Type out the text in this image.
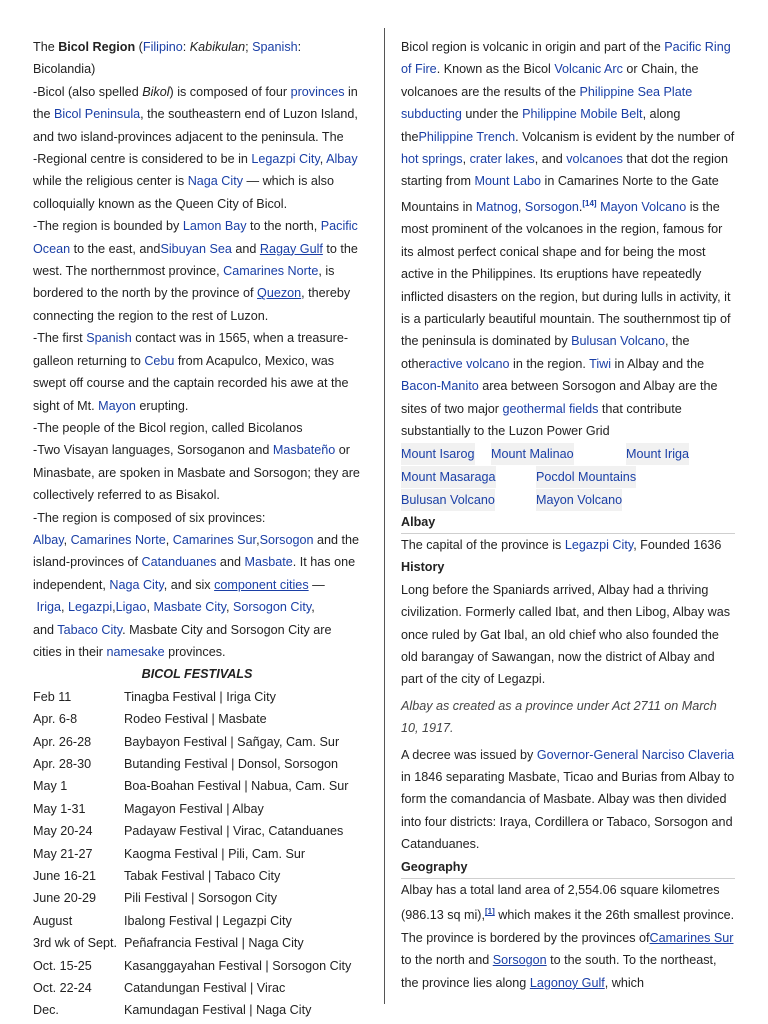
The Bicol Region (Filipino: Kabikulan; Spanish: Bicolandia)
-Bicol (also spelled Bikol) is composed of four provinces in the Bicol Peninsula, the southeastern end of Luzon Island, and two island-provinces adjacent to the peninsula. The

-Regional centre is considered to be in Legazpi City, Albay while the religious center is Naga City — which is also colloquially known as the Queen City of Bicol.

-The region is bounded by Lamon Bay to the north, Pacific Ocean to the east, andSibuyan Sea and Ragay Gulf to the west. The northernmost province, Camarines Norte, is bordered to the north by the province of Quezon, thereby connecting the region to the rest of Luzon.

-The first Spanish contact was in 1565, when a treasure-galleon returning to Cebu from Acapulco, Mexico, was swept off course and the captain recorded his awe at the sight of Mt. Mayon erupting.

-The people of the Bicol region, called Bicolanos

-Two Visayan languages, Sorsoganon and Masbateño or Minasbate, are spoken in Masbate and Sorsogon; they are collectively referred to as Bisakol.

-The region is composed of six provinces:

Albay, Camarines Norte, Camarines Sur,Sorsogon and the island-provinces of Catanduanes and Masbate. It has one independent, Naga City, and six component cities —
Iriga, Legazpi,Ligao, Masbate City, Sorsogon City,
and Tabaco City. Masbate City and Sorsogon City are cities in their namesake provinces.

BICOL FESTIVALS

Feb 11	Tinagba Festival | Iriga City
Apr. 6-8	Rodeo Festival | Masbate
Apr. 26-28	Baybayon Festival | Sañgay, Cam. Sur
Apr. 28-30	Butanding Festival | Donsol, Sorsogon
May 1	Boa-Boahan Festival | Nabua, Cam. Sur
May 1-31	Magayon Festival | Albay
May 20-24	Padayaw Festival | Virac, Catanduanes
May 21-27	Kaogma Festival | Pili, Cam. Sur
June 16-21	Tabak Festival | Tabaco City
June 20-29	Pili Festival | Sorsogon City
August	Ibalong Festival | Legazpi City
3rd wk of Sept. Peñafrancia Festival | Naga City
Oct. 15-25	Kasanggayahan Festival | Sorsogon City
Oct. 22-24	Catandungan Festival | Virac
Dec.	Kamundagan Festival | Naga City

Bicol region is volcanic in origin and part of the Pacific Ring of Fire. Known as the Bicol Volcanic Arc or Chain, the volcanoes are the results of the Philippine Sea Plate subducting under the Philippine Mobile Belt, along thePhilippine Trench. Volcanism is evident by the number of hot springs, crater lakes, and volcanoes that dot the region starting from Mount Labo in Camarines Norte to the Gate Mountains in Matnog, Sorsogon.[14] Mayon Volcano is the most prominent of the volcanoes in the region, famous for its almost perfect conical shape and for being the most active in the Philippines. Its eruptions have repeatedly inflicted disasters on the region, but during lulls in activity, it is a particularly beautiful mountain. The southernmost tip of the peninsula is dominated by Bulusan Volcano, the otheractive volcano in the region. Tiwi in Albay and the Bacon-Manito area between Sorsogon and Albay are the sites of two major geothermal fields that contribute substantially to the Luzon Power Grid

Mount Isarog Mount Malinao	Mount Iriga
Mount Masaraga	Pocdol Mountains
Bulusan Volcano	Mayon Volcano
Albay

The capital of the province is Legazpi City, Founded 1636

History

Long before the Spaniards arrived, Albay had a thriving civilization. Formerly called Ibat, and then Libog, Albay was once ruled by Gat Ibal, an old chief who also founded the old barangay of Sawangan, now the district of Albay and part of the city of Legazpi.

Albay as created as a province under Act 2711 on March 10, 1917.

A decree was issued by Governor-General Narciso Claveria in 1846 separating Masbate, Ticao and Burias from Albay to form the comandancia of Masbate. Albay was then divided into four districts: Iraya, Cordillera or Tabaco, Sorsogon and Catanduanes.

Geography

Albay has a total land area of 2,554.06 square kilometres (986.13 sq mi),[1] which makes it the 26th smallest province. The province is bordered by the provinces ofCamarines Sur to the north and Sorsogon to the south. To the northeast, the province lies along Lagonoy Gulf, which
